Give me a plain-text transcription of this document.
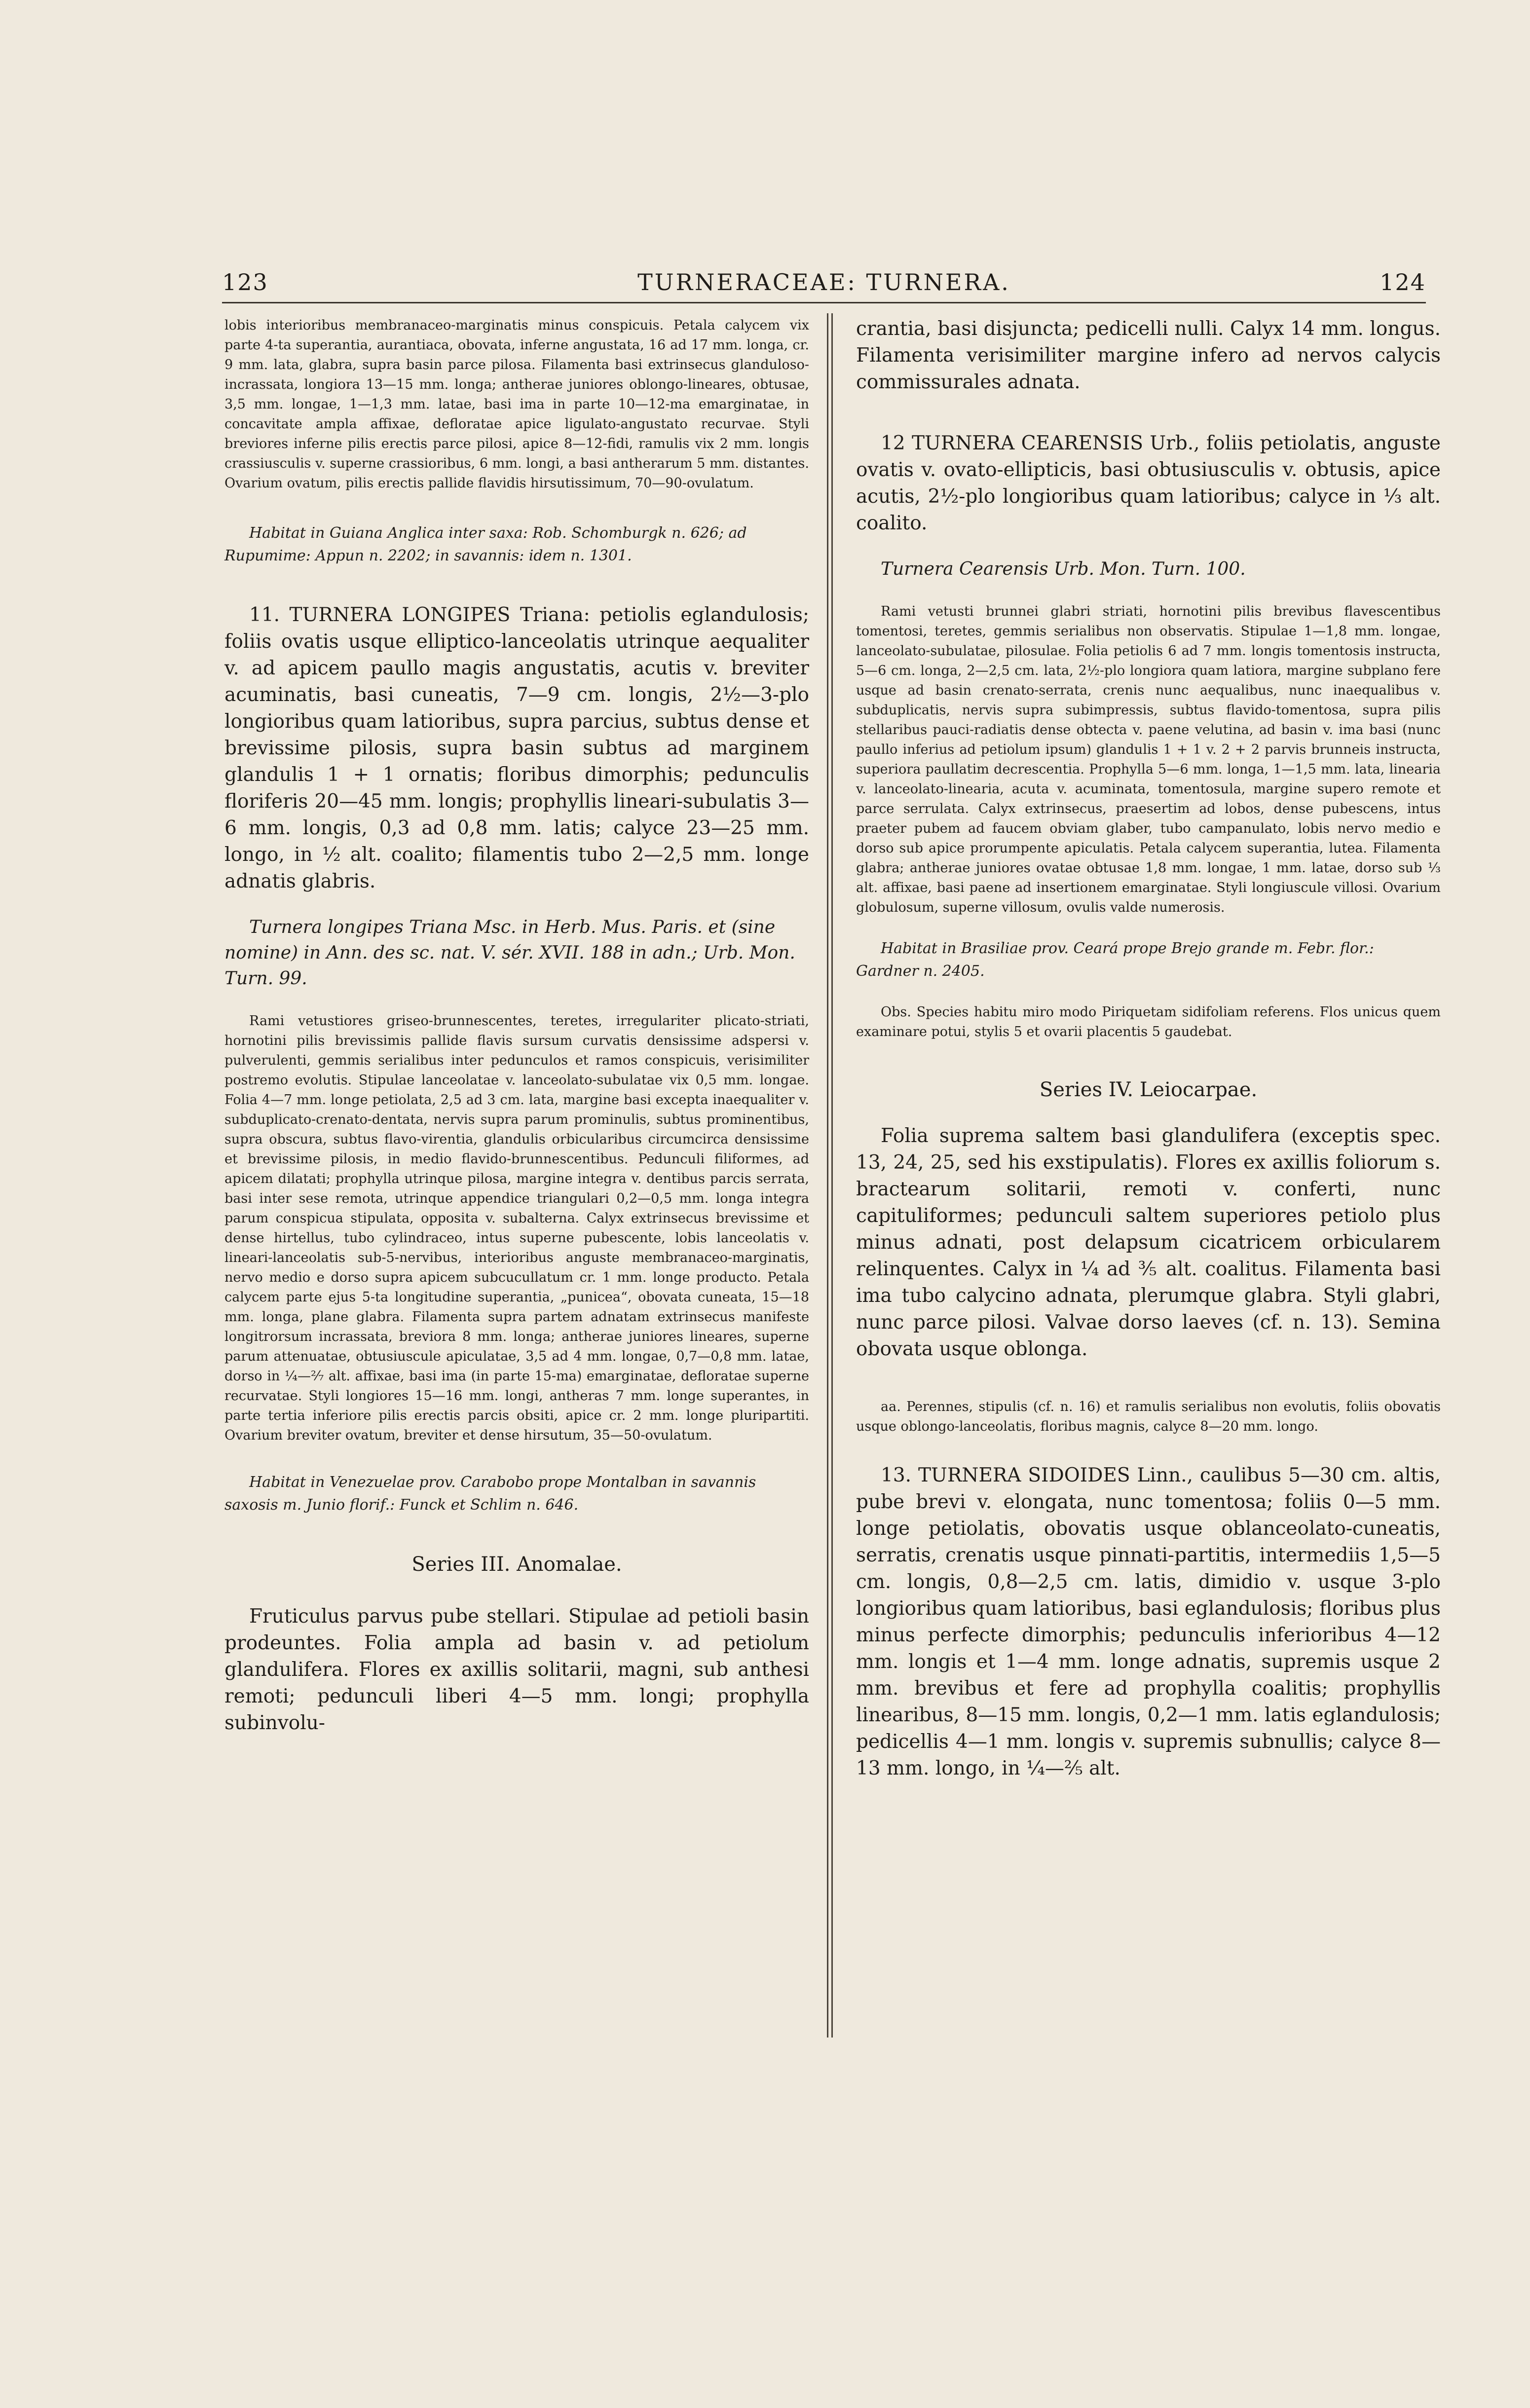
123	TURNERACEAE: TURNERA.	124

lobis interioribus membranaceo-marginatis minus conspicuis. Petala calycem vix parte 4-ta superantia, aurantiaca, obovata, inferne angustata, 16 ad 17 mm. longa, cr. 9 mm. lata, glabra, supra basin parce pilosa. Filamenta basi extrinsecus glanduloso-incrassata, longiora 13—15 mm. longa; antherae juniores oblongo-lineares, obtusae, 3,5 mm. longae, 1—1,3 mm. latae, basi ima in parte 10—12-ma emarginatae, in concavitate ampla affixae, defloratae apice ligulato-angustato recurvae. Styli breviores inferne pilis erectis parce pilosi, apice 8—12-fidi, ramulis vix 2 mm. longis crassiusculis v. superne crassioribus, 6 mm. longi, a basi antherarum 5 mm. distantes. Ovarium ovatum, pilis erectis pallide flavidis hirsutissimum, 70—90-ovulatum.

Habitat in Guiana Anglica inter saxa: Rob. Schomburgk n. 626; ad Rupumime: Appun n. 2202; in savannis: idem n. 1301.

11. TURNERA LONGIPES Triana: petiolis eglandulosis; foliis ovatis usque elliptico-lanceolatis utrinque aequaliter v. ad apicem paullo magis angustatis, acutis v. breviter acuminatis, basi cuneatis, 7—9 cm. longis, 2½—3-plo longioribus quam latioribus, supra parcius, subtus dense et brevissime pilosis, supra basin subtus ad marginem glandulis 1 + 1 ornatis; floribus dimorphis; pedunculis floriferis 20—45 mm. longis; prophyllis lineari-subulatis 3—6 mm. longis, 0,3 ad 0,8 mm. latis; calyce 23—25 mm. longo, in ½ alt. coalito; filamentis tubo 2—2,5 mm. longe adnatis glabris.

Turnera longipes Triana Msc. in Herb. Mus. Paris. et (sine nomine) in Ann. des sc. nat. V. sér. XVII. 188 in adn.; Urb. Mon. Turn. 99.

Rami vetustiores griseo-brunnescentes, teretes, irregulariter plicato-striati, hornotini pilis brevissimis pallide flavis sursum curvatis densissime adspersi v. pulverulenti, gemmis serialibus inter pedunculos et ramos conspicuis, verisimiliter postremo evolutis. Stipulae lanceolatae v. lanceolato-subulatae vix 0,5 mm. longae. Folia 4—7 mm. longe petiolata, 2,5 ad 3 cm. lata, margine basi excepta inaequaliter v. subduplicato-crenato-dentata, nervis supra parum prominulis, subtus prominentibus, supra obscura, subtus flavo-virentia, glandulis orbicularibus circumcirca densissime et brevissime pilosis, in medio flavido-brunnescentibus. Pedunculi filiformes, ad apicem dilatati; prophylla utrinque pilosa, margine integra v. dentibus parcis serrata, basi inter sese remota, utrinque appendice triangulari 0,2—0,5 mm. longa integra parum conspicua stipulata, opposita v. subalterna. Calyx extrinsecus brevissime et dense hirtellus, tubo cylindraceo, intus superne pubescente, lobis lanceolatis v. lineari-lanceolatis sub-5-nervibus, interioribus anguste membranaceo-marginatis, nervo medio e dorso supra apicem subcucullatum cr. 1 mm. longe producto. Petala calycem parte ejus 5-ta longitudine superantia, „punicea“, obovata cuneata, 15—18 mm. longa, plane glabra. Filamenta supra partem adnatam extrinsecus manifeste longitrorsum incrassata, breviora 8 mm. longa; antherae juniores lineares, superne parum attenuatae, obtusiuscule apiculatae, 3,5 ad 4 mm. longae, 0,7—0,8 mm. latae, dorso in ¼—²⁄₇ alt. affixae, basi ima (in parte 15-ma) emarginatae, defloratae superne recurvatae. Styli longiores 15—16 mm. longi, antheras 7 mm. longe superantes, in parte tertia inferiore pilis erectis parcis obsiti, apice cr. 2 mm. longe pluripartiti. Ovarium breviter ovatum, breviter et dense hirsutum, 35—50-ovulatum.

Habitat in Venezuelae prov. Carabobo prope Montalban in savannis saxosis m. Junio florif.: Funck et Schlim n. 646.

Series III. Anomalae.

Fruticulus parvus pube stellari. Stipulae ad petioli basin prodeuntes. Folia ampla ad basin v. ad petiolum glandulifera. Flores ex axillis solitarii, magni, sub anthesi remoti; pedunculi liberi 4—5 mm. longi; prophylla subinvolu-

crantia, basi disjuncta; pedicelli nulli. Calyx 14 mm. longus. Filamenta verisimiliter margine infero ad nervos calycis commissurales adnata.

12 TURNERA CEARENSIS Urb., foliis petiolatis, anguste ovatis v. ovato-ellipticis, basi obtusiusculis v. obtusis, apice acutis, 2½-plo longioribus quam latioribus; calyce in ⅓ alt. coalito.

Turnera Cearensis Urb. Mon. Turn. 100.

Rami vetusti brunnei glabri striati, hornotini pilis brevibus flavescentibus tomentosi, teretes, gemmis serialibus non observatis. Stipulae 1—1,8 mm. longae, lanceolato-subulatae, pilosulae. Folia petiolis 6 ad 7 mm. longis tomentosis instructa, 5—6 cm. longa, 2—2,5 cm. lata, 2½-plo longiora quam latiora, margine subplano fere usque ad basin crenato-serrata, crenis nunc aequalibus, nunc inaequalibus v. subduplicatis, nervis supra subimpressis, subtus flavido-tomentosa, supra pilis stellaribus pauci-radiatis dense obtecta v. paene velutina, ad basin v. ima basi (nunc paullo inferius ad petiolum ipsum) glandulis 1 + 1 v. 2 + 2 parvis brunneis instructa, superiora paullatim decrescentia. Prophylla 5—6 mm. longa, 1—1,5 mm. lata, linearia v. lanceolato-linearia, acuta v. acuminata, tomentosula, margine supero remote et parce serrulata. Calyx extrinsecus, praesertim ad lobos, dense pubescens, intus praeter pubem ad faucem obviam glaber, tubo campanulato, lobis nervo medio e dorso sub apice prorumpente apiculatis. Petala calycem superantia, lutea. Filamenta glabra; antherae juniores ovatae obtusae 1,8 mm. longae, 1 mm. latae, dorso sub ⅓ alt. affixae, basi paene ad insertionem emarginatae. Styli longiuscule villosi. Ovarium globulosum, superne villosum, ovulis valde numerosis.

Habitat in Brasiliae prov. Ceará prope Brejo grande m. Febr. flor.: Gardner n. 2405.

Obs. Species habitu miro modo Piriquetam sidifoliam referens. Flos unicus quem examinare potui, stylis 5 et ovarii placentis 5 gaudebat.

Series IV. Leiocarpae.

Folia suprema saltem basi glandulifera (exceptis spec. 13, 24, 25, sed his exstipulatis). Flores ex axillis foliorum s. bractearum solitarii, remoti v. conferti, nunc capituliformes; pedunculi saltem superiores petiolo plus minus adnati, post delapsum cicatricem orbicularem relinquentes. Calyx in ¼ ad ⅗ alt. coalitus. Filamenta basi ima tubo calycino adnata, plerumque glabra. Styli glabri, nunc parce pilosi. Valvae dorso laeves (cf. n. 13). Semina obovata usque oblonga.

aa. Perennes, stipulis (cf. n. 16) et ramulis serialibus non evolutis, foliis obovatis usque oblongo-lanceolatis, floribus magnis, calyce 8—20 mm. longo.

13. TURNERA SIDOIDES Linn., caulibus 5—30 cm. altis, pube brevi v. elongata, nunc tomentosa; foliis 0—5 mm. longe petiolatis, obovatis usque oblanceolato-cuneatis, serratis, crenatis usque pinnati-partitis, intermediis 1,5—5 cm. longis, 0,8—2,5 cm. latis, dimidio v. usque 3-plo longioribus quam latioribus, basi eglandulosis; floribus plus minus perfecte dimorphis; pedunculis inferioribus 4—12 mm. longis et 1—4 mm. longe adnatis, supremis usque 2 mm. brevibus et fere ad prophylla coalitis; prophyllis linearibus, 8—15 mm. longis, 0,2—1 mm. latis eglandulosis; pedicellis 4—1 mm. longis v. supremis subnullis; calyce 8—13 mm. longo, in ¼—⅖ alt.
